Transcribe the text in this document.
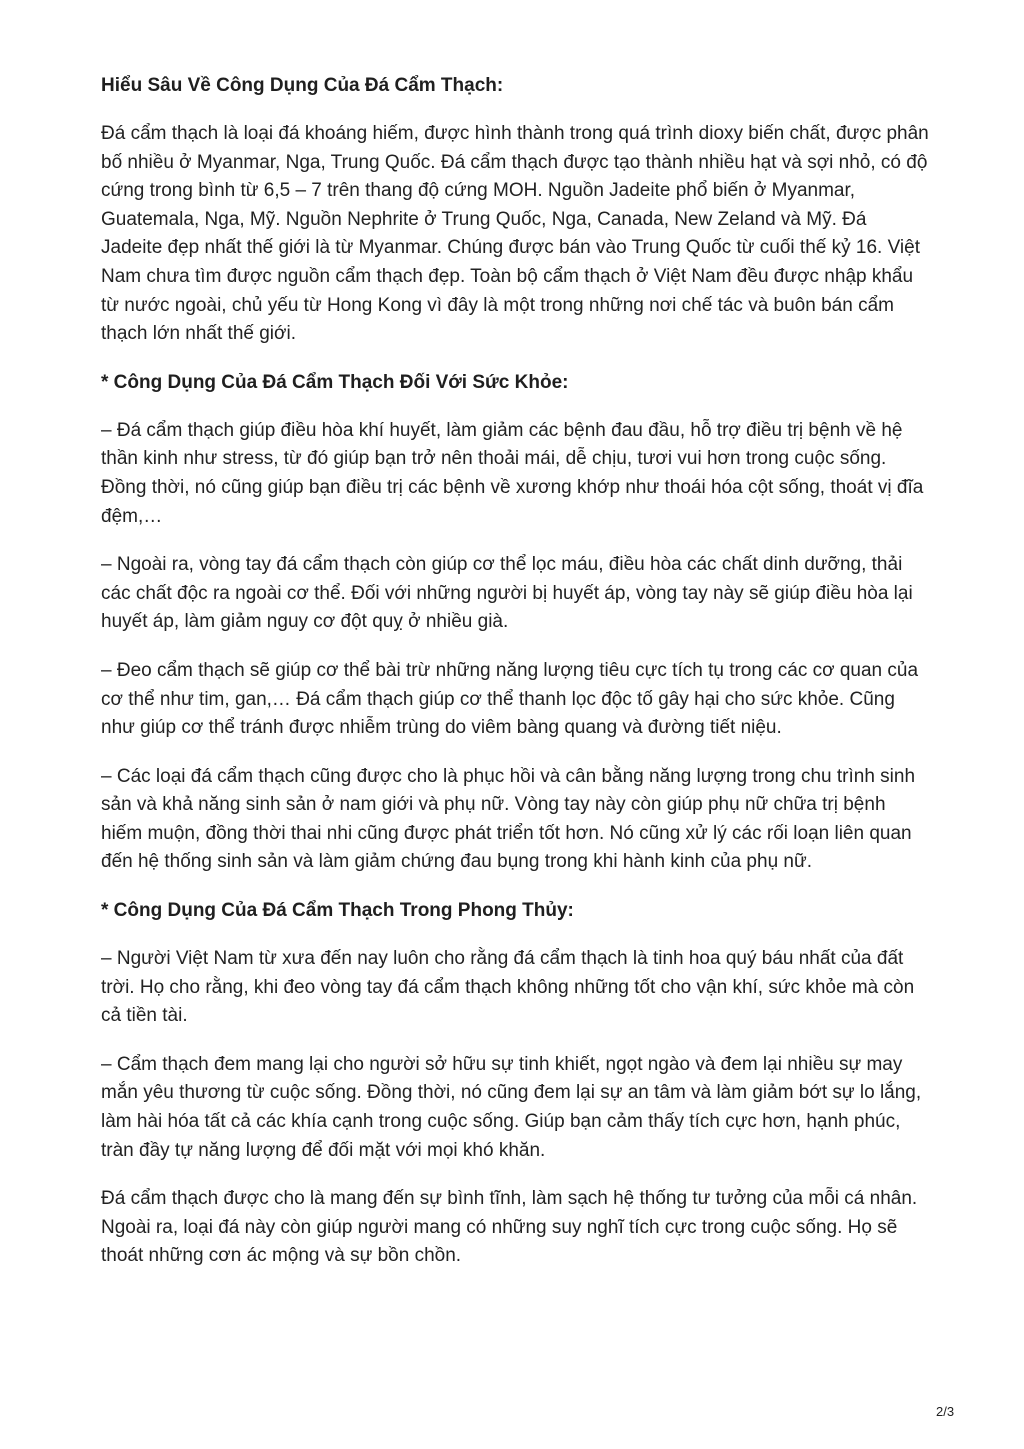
Hiểu Sâu Về Công Dụng Của Đá Cẩm Thạch:
Đá cẩm thạch là loại đá khoáng hiếm, được hình thành trong quá trình dioxy biến chất, được phân bố nhiều ở Myanmar, Nga, Trung Quốc. Đá cẩm thạch được tạo thành nhiều hạt và sợi nhỏ, có độ cứng trong bình từ 6,5 – 7 trên thang độ cứng MOH. Nguồn Jadeite phổ biến ở Myanmar, Guatemala, Nga, Mỹ. Nguồn Nephrite ở Trung Quốc, Nga, Canada, New Zeland và Mỹ. Đá Jadeite đẹp nhất thế giới là từ Myanmar. Chúng được bán vào Trung Quốc từ cuối thế kỷ 16. Việt Nam chưa tìm được nguồn cẩm thạch đẹp. Toàn bộ cẩm thạch ở Việt Nam đều được nhập khẩu từ nước ngoài, chủ yếu từ Hong Kong vì đây là một trong những nơi chế tác và buôn bán cẩm thạch lớn nhất thế giới.
* Công Dụng Của Đá Cẩm Thạch Đối Với Sức Khỏe:
– Đá cẩm thạch giúp điều hòa khí huyết, làm giảm các bệnh đau đầu, hỗ trợ điều trị bệnh về hệ thần kinh như stress, từ đó giúp bạn trở nên thoải mái, dễ chịu, tươi vui hơn trong cuộc sống. Đồng thời, nó cũng giúp bạn điều trị các bệnh về xương khớp như thoái hóa cột sống, thoát vị đĩa đệm,…
– Ngoài ra, vòng tay đá cẩm thạch còn giúp cơ thể lọc máu, điều hòa các chất dinh dưỡng, thải các chất độc ra ngoài cơ thể. Đối với những người bị huyết áp, vòng tay này sẽ giúp điều hòa lại huyết áp, làm giảm nguy cơ đột quỵ ở nhiều già.
– Đeo cẩm thạch sẽ giúp cơ thể bài trừ những năng lượng tiêu cực tích tụ trong các cơ quan của cơ thể như tim, gan,… Đá cẩm thạch giúp cơ thể thanh lọc độc tố gây hại cho sức khỏe. Cũng như giúp cơ thể tránh được nhiễm trùng do viêm bàng quang và đường tiết niệu.
– Các loại đá cẩm thạch cũng được cho là phục hồi và cân bằng năng lượng trong chu trình sinh sản và khả năng sinh sản ở nam giới và phụ nữ. Vòng tay này còn giúp phụ nữ chữa trị bệnh hiếm muộn, đồng thời thai nhi cũng được phát triển tốt hơn. Nó cũng xử lý các rối loạn liên quan đến hệ thống sinh sản và làm giảm chứng đau bụng trong khi hành kinh của phụ nữ.
* Công Dụng Của Đá Cẩm Thạch Trong Phong Thủy:
– Người Việt Nam từ xưa đến nay luôn cho rằng đá cẩm thạch là tinh hoa quý báu nhất của đất trời. Họ cho rằng, khi đeo vòng tay đá cẩm thạch không những tốt cho vận khí, sức khỏe mà còn cả tiền tài.
– Cẩm thạch đem mang lại cho người sở hữu sự tinh khiết, ngọt ngào và đem lại nhiều sự may mắn yêu thương từ cuộc sống. Đồng thời, nó cũng đem lại sự an tâm và làm giảm bớt sự lo lắng, làm hài hóa tất cả các khía cạnh trong cuộc sống. Giúp bạn cảm thấy tích cực hơn, hạnh phúc, tràn đầy tự năng lượng để đối mặt với mọi khó khăn.
Đá cẩm thạch được cho là mang đến sự bình tĩnh, làm sạch hệ thống tư tưởng của mỗi cá nhân. Ngoài ra, loại đá này còn giúp người mang có những suy nghĩ tích cực trong cuộc sống. Họ sẽ thoát những cơn ác mộng và sự bồn chồn.
2/3
